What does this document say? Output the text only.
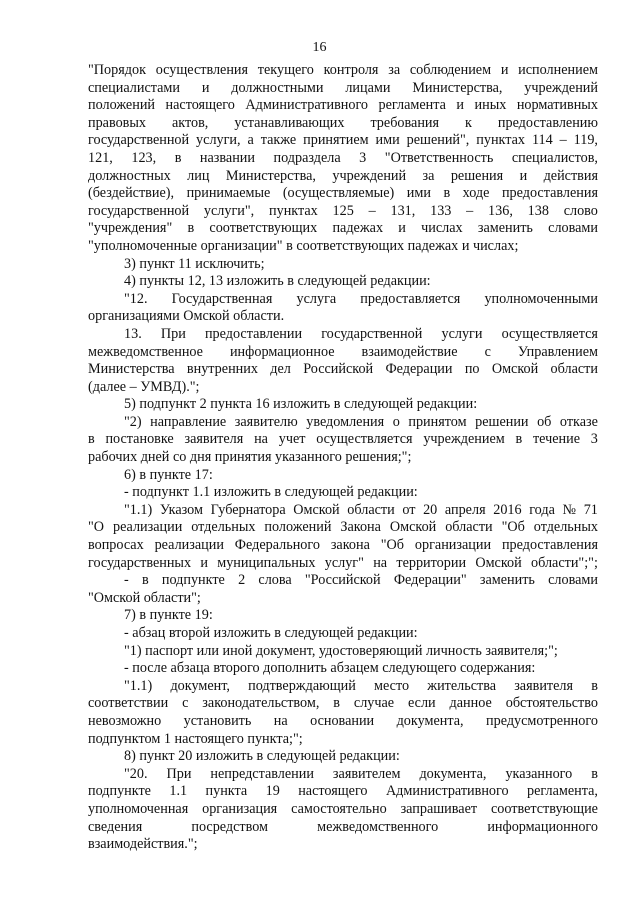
16
"Порядок осуществления текущего контроля за соблюдением и исполнением
специалистами и должностными лицами Министерства, учреждений
положений настоящего Административного регламента и иных нормативных
правовых актов, устанавливающих требования к предоставлению
государственной услуги, а также принятием ими решений", пунктах 114 – 119,
121, 123, в названии подраздела 3 "Ответственность специалистов,
должностных лиц Министерства, учреждений за решения и действия
(бездействие), принимаемые (осуществляемые) ими в ходе предоставления
государственной услуги", пунктах 125 – 131, 133 – 136, 138 слово
"учреждения" в соответствующих падежах и числах заменить словами
"уполномоченные организации" в соответствующих падежах и числах;
3) пункт 11 исключить;
4) пункты 12, 13 изложить в следующей редакции:
"12. Государственная услуга предоставляется уполномоченными
организациями Омской области.
13. При предоставлении государственной услуги осуществляется
межведомственное информационное взаимодействие с Управлением
Министерства внутренних дел Российской Федерации по Омской области
(далее – УМВД).";
5) подпункт 2 пункта 16 изложить в следующей редакции:
"2) направление заявителю уведомления о принятом решении об отказе
в постановке заявителя на учет осуществляется учреждением в течение 3
рабочих дней со дня принятия указанного решения;";
6) в пункте 17:
- подпункт 1.1 изложить в следующей редакции:
"1.1) Указом Губернатора Омской области от 20 апреля 2016 года № 71
"О реализации отдельных положений Закона Омской области "Об отдельных
вопросах реализации Федерального закона "Об организации предоставления
государственных и муниципальных услуг" на территории Омской области";";
- в подпункте 2 слова "Российской Федерации" заменить словами
"Омской области";
7) в пункте 19:
- абзац второй изложить в следующей редакции:
"1) паспорт или иной документ, удостоверяющий личность заявителя;";
- после абзаца второго дополнить абзацем следующего содержания:
"1.1) документ, подтверждающий место жительства заявителя в
соответствии с законодательством, в случае если данное обстоятельство
невозможно установить на основании документа, предусмотренного
подпунктом 1 настоящего пункта;";
8) пункт 20 изложить в следующей редакции:
"20. При непредставлении заявителем документа, указанного в
подпункте 1.1 пункта 19 настоящего Административного регламента,
уполномоченная организация самостоятельно запрашивает соответствующие
сведения	посредством	межведомственного	информационного
взаимодействия.";
